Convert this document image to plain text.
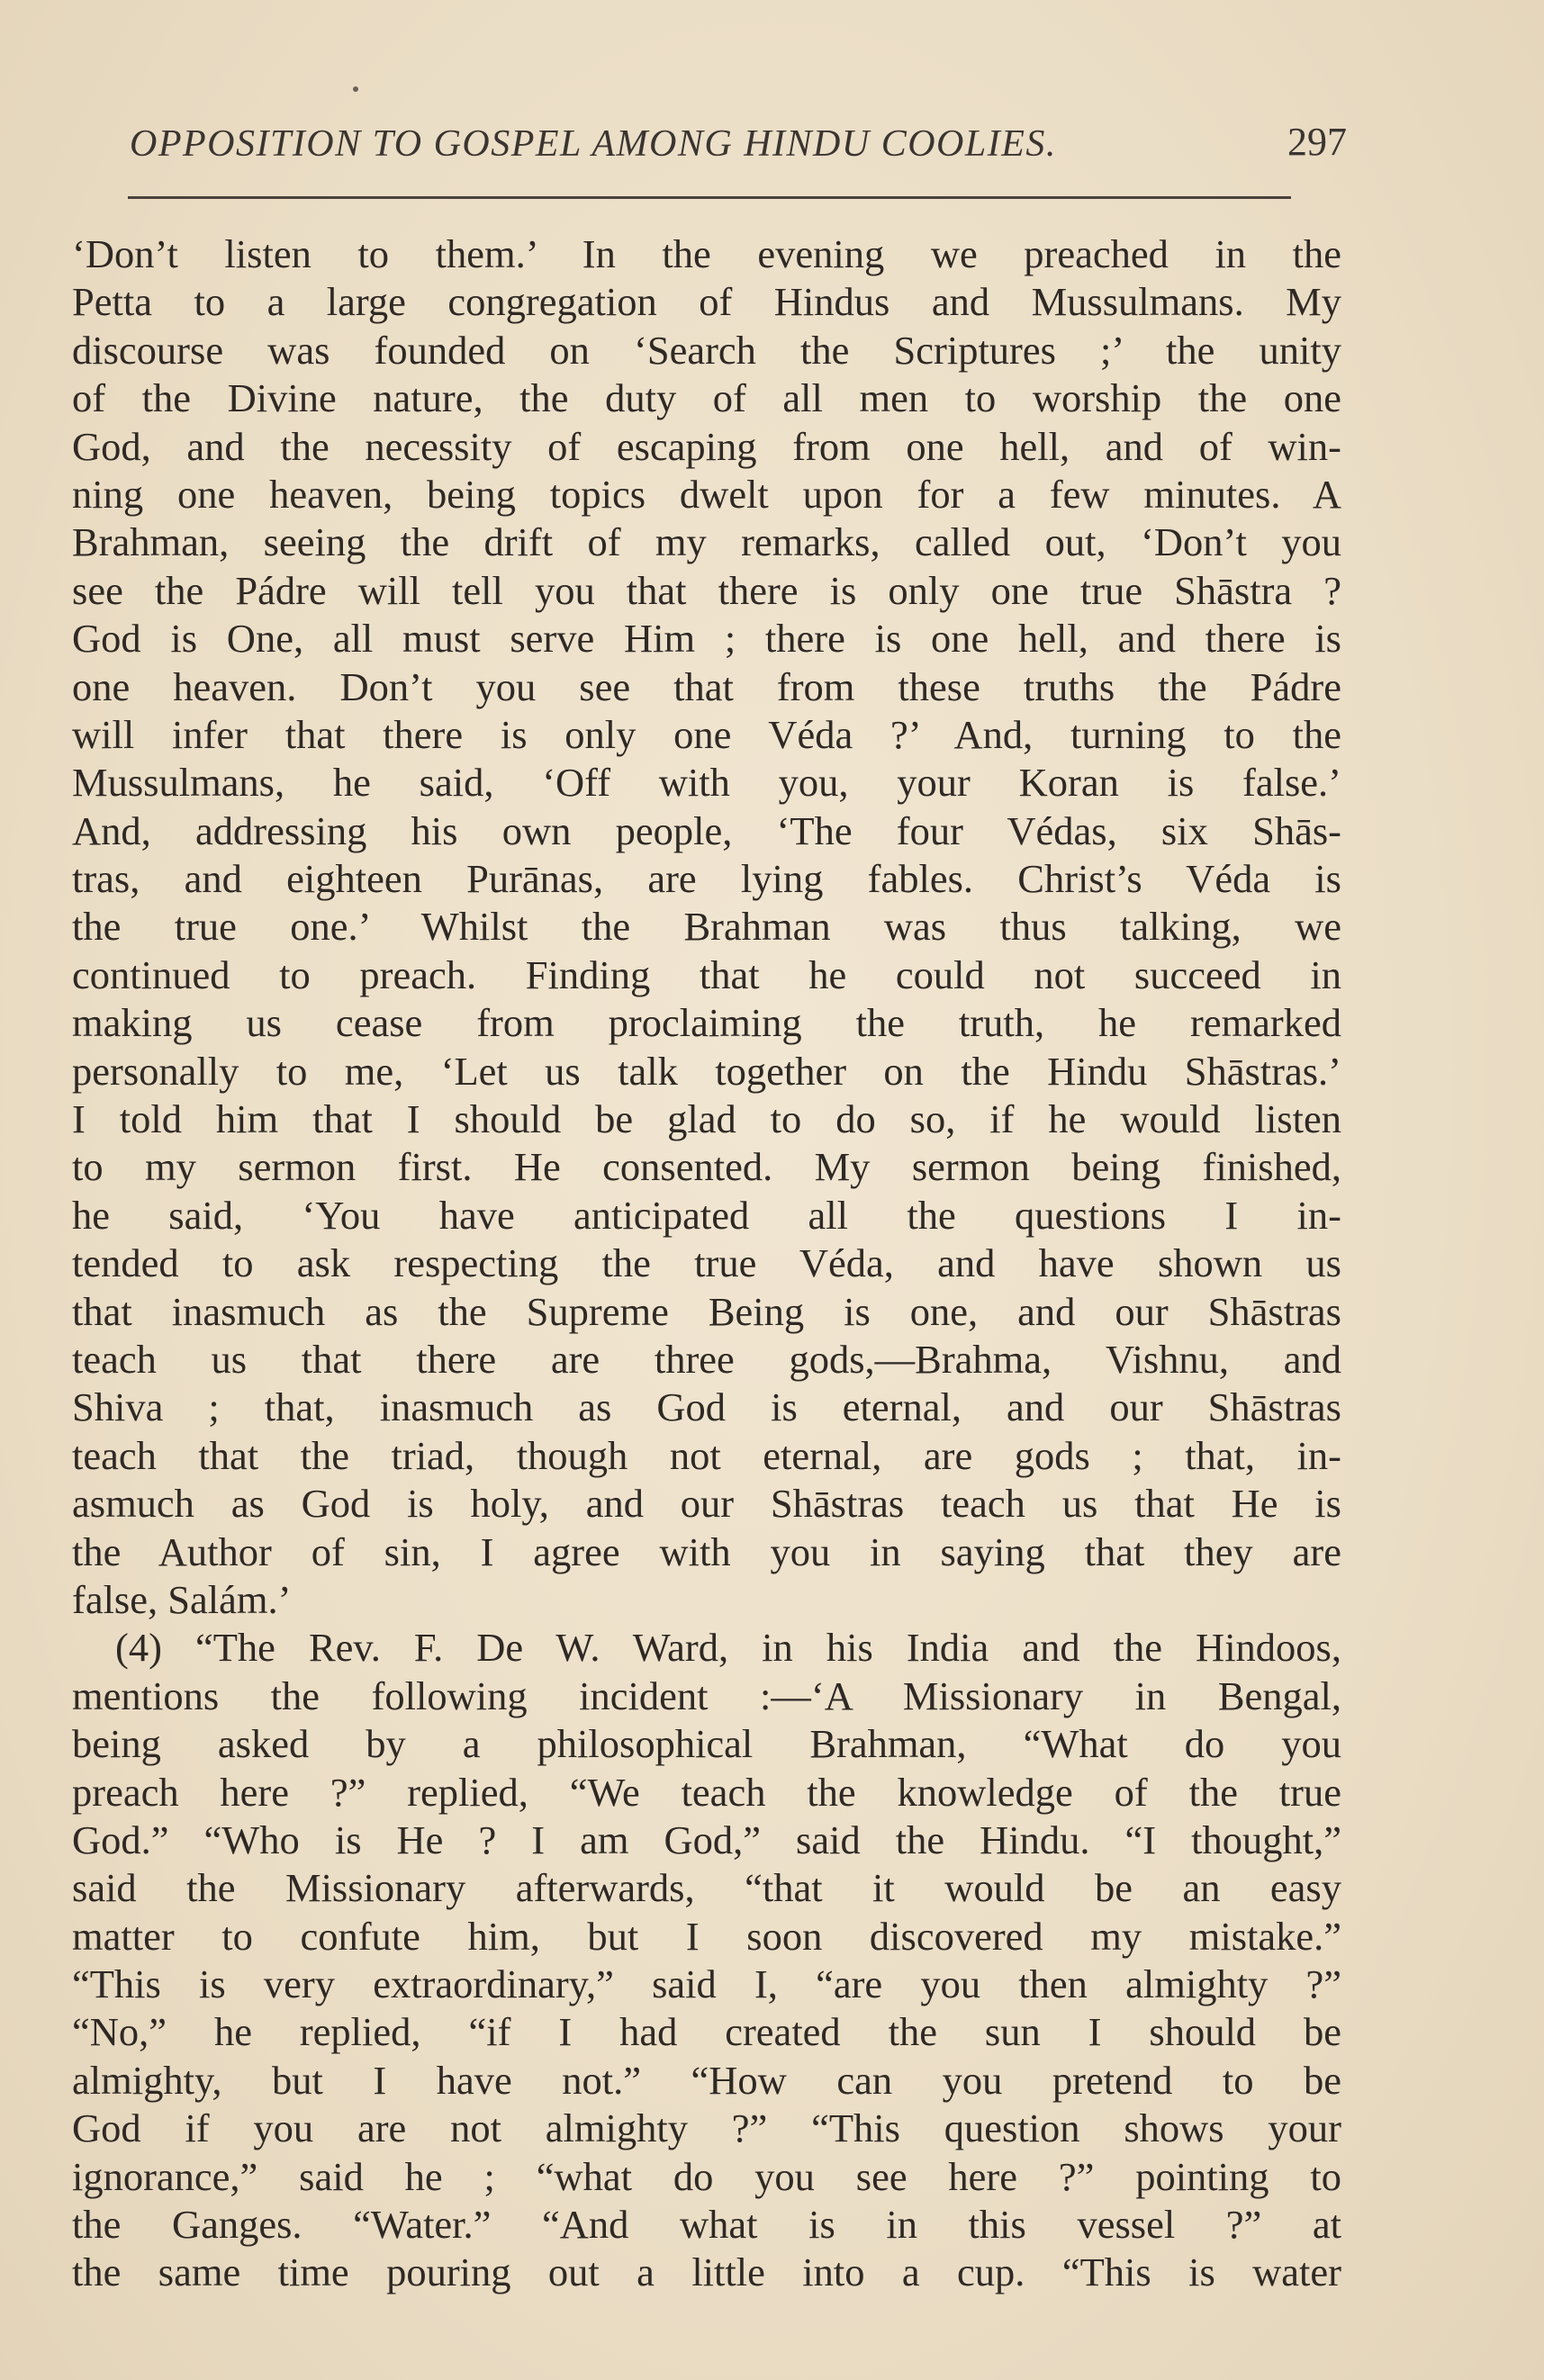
OPPOSITION TO GOSPEL AMONG HINDU COOLIES.	297
‘Don’t listen to them.’ In the evening we preached in the
Petta to a large congregation of Hindus and Mussulmans. My
discourse was founded on ‘Search the Scriptures ;’ the unity
of the Divine nature, the duty of all men to worship the one
God, and the necessity of escaping from one hell, and of win-
ning one heaven, being topics dwelt upon for a few minutes. A
Brahman, seeing the drift of my remarks, called out, ‘Don’t you
see the Pádre will tell you that there is only one true Shāstra ?
God is One, all must serve Him ; there is one hell, and there is
one heaven. Don’t you see that from these truths the Pádre
will infer that there is only one Véda ?’ And, turning to the
Mussulmans, he said, ‘Off with you, your Koran is false.’
And, addressing his own people, ‘The four Védas, six Shās-
tras, and eighteen Purānas, are lying fables. Christ’s Véda is
the true one.’ Whilst the Brahman was thus talking, we
continued to preach. Finding that he could not succeed in
making us cease from proclaiming the truth, he remarked
personally to me, ‘Let us talk together on the Hindu Shāstras.’
I told him that I should be glad to do so, if he would listen
to my sermon first. He consented. My sermon being finished,
he said, ‘You have anticipated all the questions I in-
tended to ask respecting the true Véda, and have shown us
that inasmuch as the Supreme Being is one, and our Shāstras
teach us that there are three gods,—Brahma, Vishnu, and
Shiva ; that, inasmuch as God is eternal, and our Shāstras
teach that the triad, though not eternal, are gods ; that, in-
asmuch as God is holy, and our Shāstras teach us that He is
the Author of sin, I agree with you in saying that they are
false, Salám.’
(4) “The Rev. F. De W. Ward, in his India and the Hindoos,
mentions the following incident :—‘A Missionary in Bengal,
being asked by a philosophical Brahman, “What do you
preach here ?” replied, “We teach the knowledge of the true
God.” “Who is He ? I am God,” said the Hindu. “I thought,”
said the Missionary afterwards, “that it would be an easy
matter to confute him, but I soon discovered my mistake.”
“This is very extraordinary,” said I, “are you then almighty ?”
“No,” he replied, “if I had created the sun I should be
almighty, but I have not.” “How can you pretend to be
God if you are not almighty ?” “This question shows your
ignorance,” said he ; “what do you see here ?” pointing to
the Ganges. “Water.” “And what is in this vessel ?” at
the same time pouring out a little into a cup. “This is water
